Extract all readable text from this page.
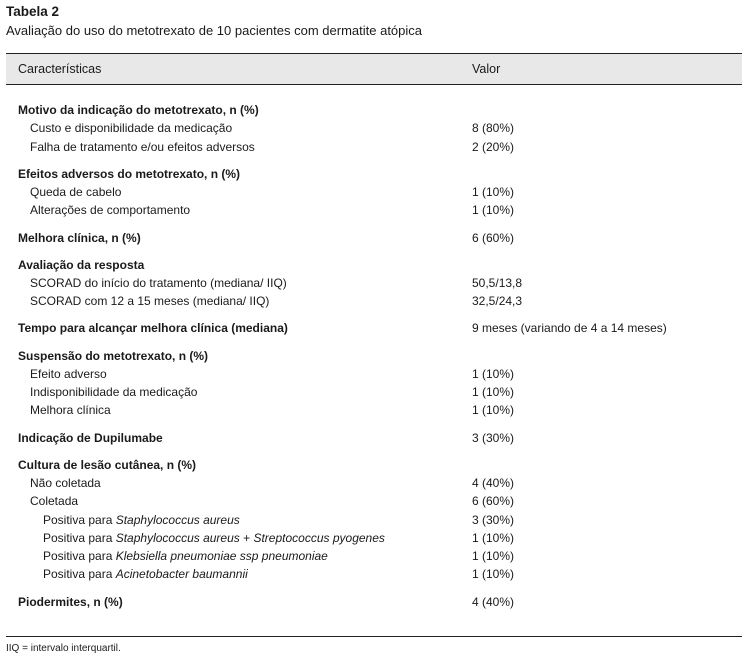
Tabela 2
Avaliação do uso do metotrexato de 10 pacientes com dermatite atópica
Características	Valor
Motivo da indicação do metotrexato, n (%)
Custo e disponibilidade da medicação	8 (80%)
Falha de tratamento e/ou efeitos adversos	2 (20%)
Efeitos adversos do metotrexato, n (%)
Queda de cabelo	1 (10%)
Alterações de comportamento	1 (10%)
Melhora clínica, n (%)	6 (60%)
Avaliação da resposta
SCORAD do início do tratamento (mediana/ IIQ)	50,5/13,8
SCORAD com 12 a 15 meses (mediana/ IIQ)	32,5/24,3
Tempo para alcançar melhora clínica (mediana)	9 meses (variando de 4 a 14 meses)
Suspensão do metotrexato, n (%)
Efeito adverso	1 (10%)
Indisponibilidade da medicação	1 (10%)
Melhora clínica	1 (10%)
Indicação de Dupilumabe	3 (30%)
Cultura de lesão cutânea, n (%)
Não coletada	4 (40%)
Coletada	6 (60%)
Positiva para Staphylococcus aureus	3 (30%)
Positiva para Staphylococcus aureus + Streptococcus pyogenes	1 (10%)
Positiva para Klebsiella pneumoniae ssp pneumoniae	1 (10%)
Positiva para Acinetobacter baumannii	1 (10%)
Piodermites, n (%)	4 (40%)
IIQ = intervalo interquartil.
